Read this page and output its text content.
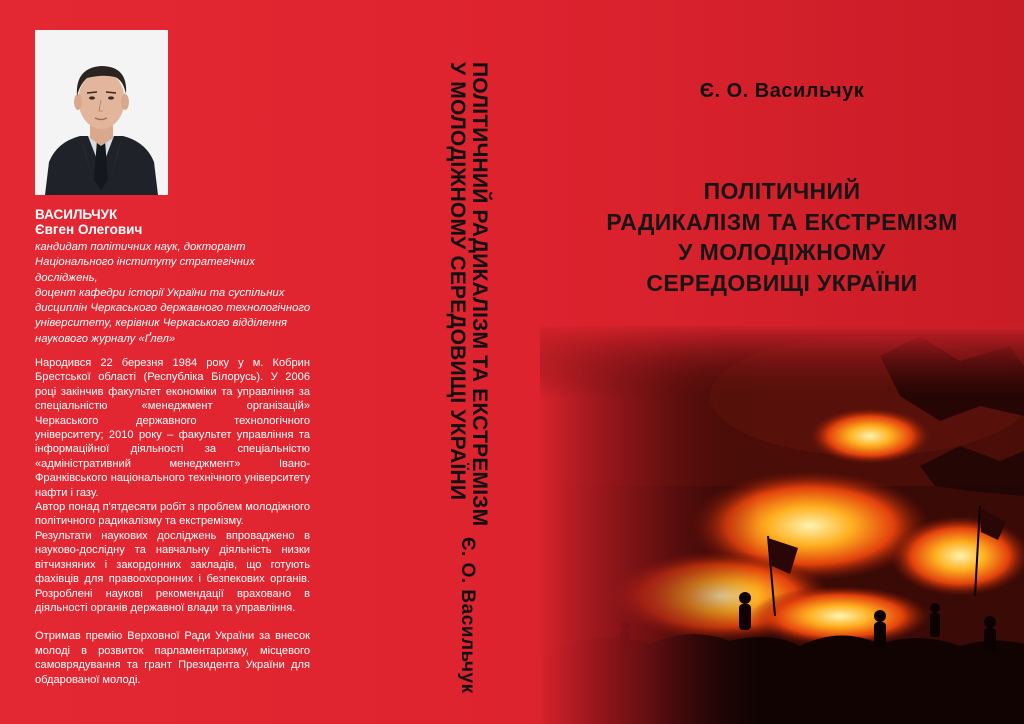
ВАСИЛЬЧУК
Євген Олегович
кандидат політичних наук, докторант
Національного інституту стратегічних
досліджень,
доцент кафедри історії України та суспільних
дисциплін Черкаського державного технологічного
університету, керівник Черкаського відділення
наукового журналу «Ґлел»

Народився 22 березня 1984 року у м. Кобрин Брестської області (Республіка Білорусь). У 2006 році закінчив факультет економіки та управління за спеціальністю «менеджмент організацій» Черкаського державного технологічного університету; 2010 року – факультет управління та інформаційної діяльності за спеціальністю «адміністративний менеджмент» Івано-Франківського національного технічного університету нафти і газу.

Автор понад п'ятдесяти робіт з проблем молодіжного політичного радикалізму та екстремізму.

Результати наукових досліджень впроваджено в науково-дослідну та навчальну діяльність низки вітчизняних і закордонних закладів, що готують фахівців для правоохоронних і безпекових органів. Розроблені наукові рекомендації враховано в діяльності органів державної влади та управління.

Отримав премію Верховної Ради України за внесок молоді в розвиток парламентаризму, місцевого самоврядування та грант Президента України для обдарованої молоді.

ПОЛІТИЧНИЙ РАДИКАЛІЗМ ТА ЕКСТРЕМІЗМ
У МОЛОДІЖНОМУ СЕРЕДОВИЩІ УКРАЇНИ
Є. О. Васильчук
Є. О. Васильчук
ПОЛІТИЧНИЙ
РАДИКАЛІЗМ ТА ЕКСТРЕМІЗМ
У МОЛОДІЖНОМУ
СЕРЕДОВИЩІ УКРАЇНИ
